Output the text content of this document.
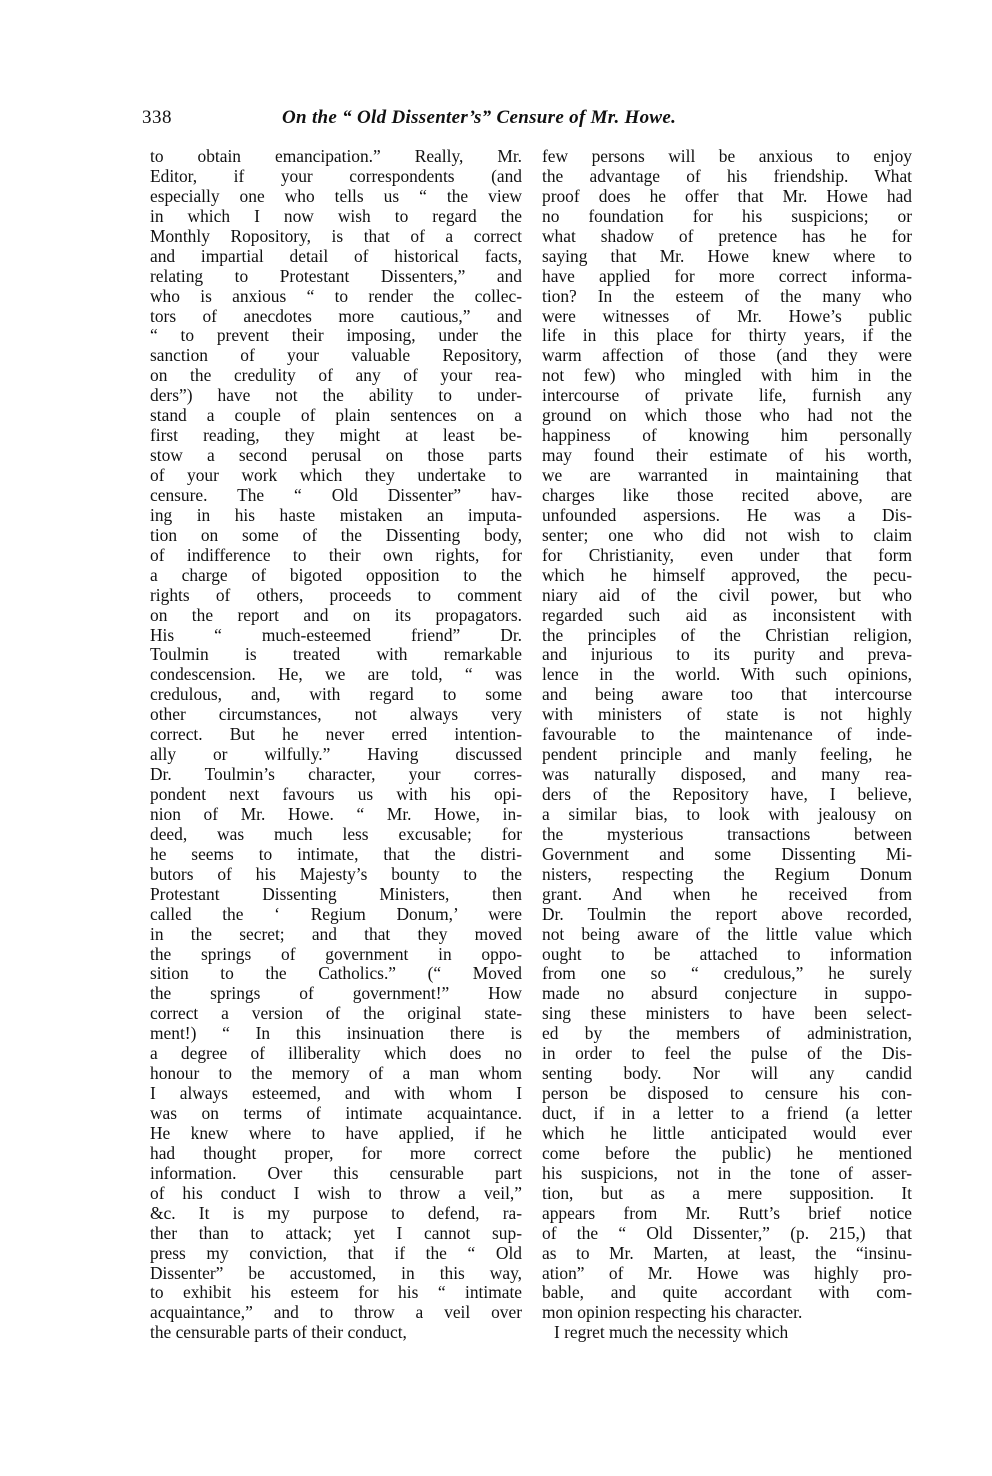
338	On the “ Old Dissenter’s” Censure of Mr. Howe.
to obtain emancipation.” Really, Mr.
Editor, if your correspondents (and
especially one who tells us “ the view
in which I now wish to regard the
Monthly Ropository, is that of a correct
and impartial detail of historical facts,
relating to Protestant Dissenters,” and
who is anxious “ to render the collec-
tors of anecdotes more cautious,” and
“ to prevent their imposing, under the
sanction of your valuable Repository,
on the credulity of any of your rea-
ders”) have not the ability to under-
stand a couple of plain sentences on a
first reading, they might at least be-
stow a second perusal on those parts
of your work which they undertake to
censure. The “ Old Dissenter” hav-
ing in his haste mistaken an imputa-
tion on some of the Dissenting body,
of indifference to their own rights, for
a charge of bigoted opposition to the
rights of others, proceeds to comment
on the report and on its propagators.
His “ much-esteemed friend” Dr.
Toulmin is treated with remarkable
condescension. He, we are told, “ was
credulous, and, with regard to some
other circumstances, not always very
correct. But he never erred intention-
ally or wilfully.” Having discussed
Dr. Toulmin’s character, your corres-
pondent next favours us with his opi-
nion of Mr. Howe. “ Mr. Howe, in-
deed, was much less excusable; for
he seems to intimate, that the distri-
butors of his Majesty’s bounty to the
Protestant Dissenting Ministers, then
called the ‘ Regium Donum,’ were
in the secret; and that they moved
the springs of government in oppo-
sition to the Catholics.” (“ Moved
the springs of government!” How
correct a version of the original state-
ment!) “ In this insinuation there is
a degree of illiberality which does no
honour to the memory of a man whom
I always esteemed, and with whom I
was on terms of intimate acquaintance.
He knew where to have applied, if he
had thought proper, for more correct
information. Over this censurable part
of his conduct I wish to throw a veil,”
&c. It is my purpose to defend, ra-
ther than to attack; yet I cannot sup-
press my conviction, that if the “ Old
Dissenter” be accustomed, in this way,
to exhibit his esteem for his “ intimate
acquaintance,” and to throw a veil over
the censurable parts of their conduct,
few persons will be anxious to enjoy
the advantage of his friendship. What
proof does he offer that Mr. Howe had
no foundation for his suspicions; or
what shadow of pretence has he for
saying that Mr. Howe knew where to
have applied for more correct informa-
tion? In the esteem of the many who
were witnesses of Mr. Howe’s public
life in this place for thirty years, if the
warm affection of those (and they were
not few) who mingled with him in the
intercourse of private life, furnish any
ground on which those who had not the
happiness of knowing him personally
may found their estimate of his worth,
we are warranted in maintaining that
charges like those recited above, are
unfounded aspersions. He was a Dis-
senter; one who did not wish to claim
for Christianity, even under that form
which he himself approved, the pecu-
niary aid of the civil power, but who
regarded such aid as inconsistent with
the principles of the Christian religion,
and injurious to its purity and preva-
lence in the world. With such opinions,
and being aware too that intercourse
with ministers of state is not highly
favourable to the maintenance of inde-
pendent principle and manly feeling, he
was naturally disposed, and many rea-
ders of the Repository have, I believe,
a similar bias, to look with jealousy on
the mysterious transactions between
Government and some Dissenting Mi-
nisters, respecting the Regium Donum
grant. And when he received from
Dr. Toulmin the report above recorded,
not being aware of the little value which
ought to be attached to information
from one so “ credulous,” he surely
made no absurd conjecture in suppo-
sing these ministers to have been select-
ed by the members of administration,
in order to feel the pulse of the Dis-
senting body. Nor will any candid
person be disposed to censure his con-
duct, if in a letter to a friend (a letter
which he little anticipated would ever
come before the public) he mentioned
his suspicions, not in the tone of asser-
tion, but as a mere supposition. It
appears from Mr. Rutt’s brief notice
of the “ Old Dissenter,” (p. 215,) that
as to Mr. Marten, at least, the “insinu-
ation” of Mr. Howe was highly pro-
bable, and quite accordant with com-
mon opinion respecting his character.
I regret much the necessity which
